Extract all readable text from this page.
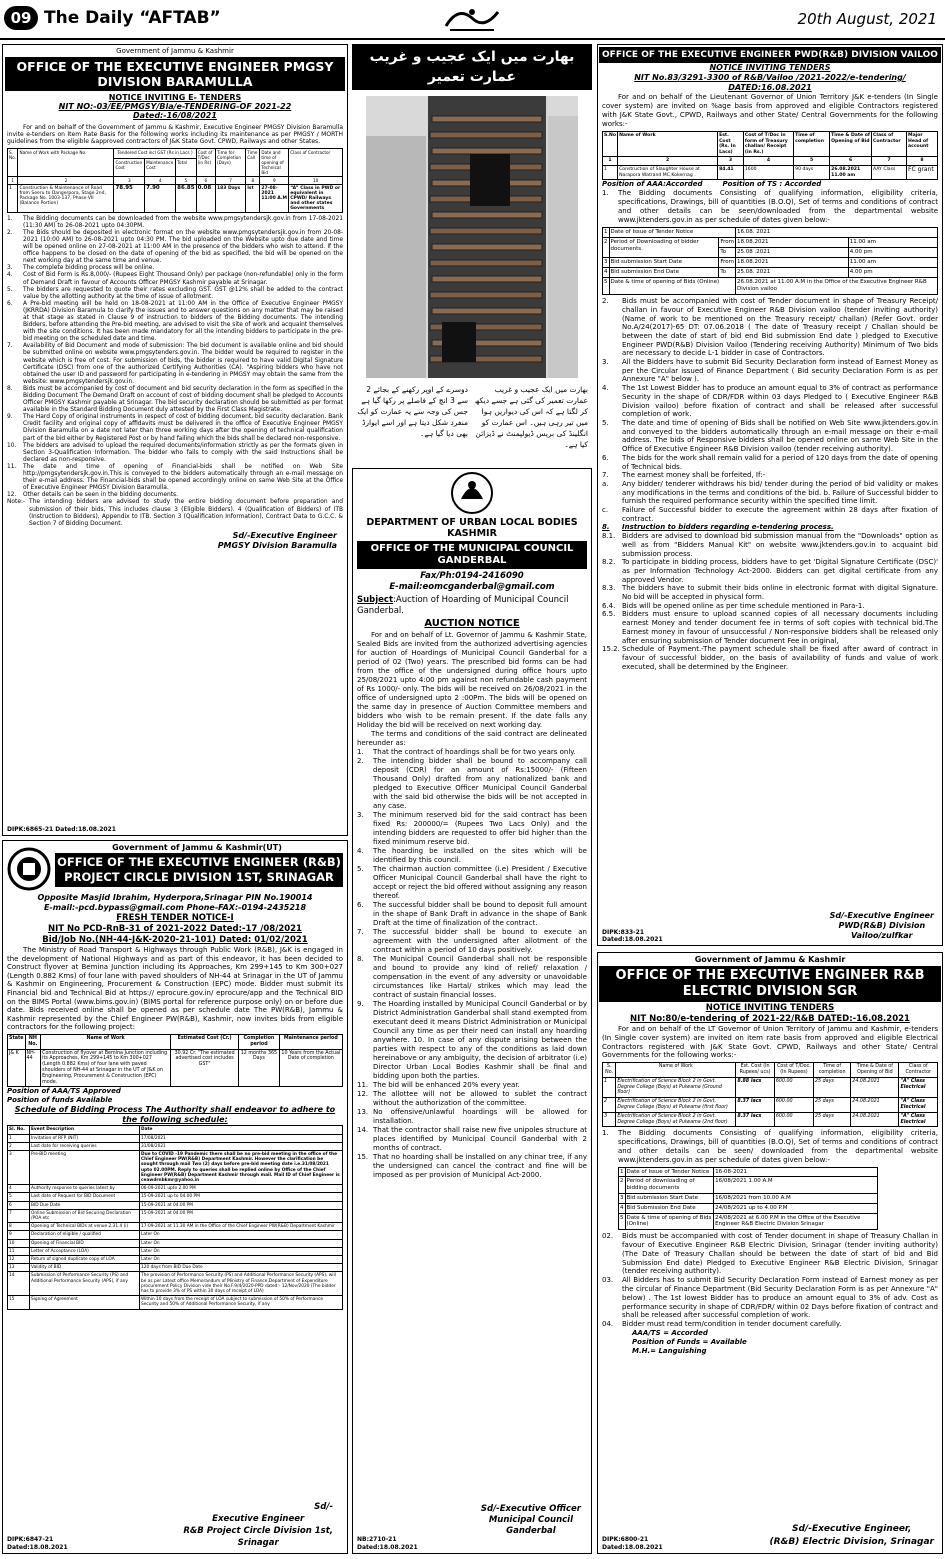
09 The Daily “AFTAB”	20th August, 2021
Government of Jammu & Kashmir
OFFICE OF THE EXECUTIVE ENGINEER PMGSY DIVISION BARAMULLA
NOTICE INVITING E- TENDERS
NIT NO:-03/EE/PMGSY/Bla/e-TENDERING-OF 2021-22
Dated:-16/08/2021
For and on behalf of the Government of Jammu & Kashmir, Executive Engineer PMGSY Division Baramulla invite e-tenders on Item Rate Basis for the following works including its maintenance as per PMGSY / MORTH guidelines from the eligible &approved contractors of J&K State Govt. CPWD, Railways and other States.
S. No.	Name of Work with Package No.	Tendered Cost incl GST (Rs in Lacs )			Cost of T/Doc (in Rs)	Time for Completion (Days)	Time Call	Date and time of opening of Technical Bid	Class of Contractor
		Construction Cost	Maintenance Cost	Total					
1	2	3	4	5	6	7	8	9	10
1	Construction & Maintenance of Road from Seeru to Dangerpora, Stage 2nd, Package No. 1003-137, Phase VII (Balance Portion)	78.95	7.90	86.85	0.08	183 Days	Ist	27-08-2021 11:00 A.M	“A” Class in PWD or equivalent in CPWD/ Railways and other states Governments
1.	The Bidding documents can be downloaded from the website www.pmgsytendersjk.gov.in from 17-08-2021 (11:30 AM) to 26-08-2021 upto 04:30PM.
2.	The Bids should be deposited in electronic format on the website www.pmgsytendersjk.gov.in from 20-08-2021 (10:00 AM) to 26-08-2021 upto 04:30 PM. The bid uploaded on the Website upto due date and time will be opened online on 27-08-2021 at 11:00 AM in the presence of the bidders who wish to attend. If the office happens to be closed on the date of opening of the bid as specified, the bid will be opened on the next working day at the same time and venue.
3.	The complete bidding process will be online.
4.	Cost of Bid Form is Rs.8,000/- (Rupees Eight Thousand Only) per package (non-refundable) only in the form of Demand Draft in favour of Accounts Officer PMGSY Kashmir payable at Srinagar.
5.	The bidders are requested to quote their rates excluding GST. GST @12% shall be added to the contract value by the allotting authority at the time of issue of allotment.
6.	A Pre-bid meeting will be held on 18-08-2021 at 11:00 AM in the Office of Executive Engineer PMGSY (JKRRDA) Division Baramula to clarify the issues and to answer questions on any matter that may be raised at that stage as stated in Clause 9 of instruction to bidders of the Bidding documents. The intending Bidders, before attending the Pre-bid meeting, are advised to visit the site of work and acquaint themselves with the site conditions. It has been made mandatory for all the intending bidders to participate in the pre-bid meeting on the scheduled date and time.
7.	Availability of Bid Document and mode of submission: The bid document is available online and bid should be submitted online on website www.pmgsytenders.gov.in. The bidder would be required to register in the website which is free of cost. For submission of bids, the bidder is required to have valid Digital Signature Certificate (DSC) from one of the authorized Certifying Authorities (CA). "Aspiring bidders who have not obtained the user ID and password for participating in e-tendering in PMGSY may obtain the same from the website: www.pmgsytendersjk.gov.in.
8.	Bids must be accompanied by cost of document and bid security declaration in the form as specified in the Bidding Document The Demand Draft on account of cost of bidding document shall be pledged to Accounts Officer PMGSY Kashmir payable at Srinagar. The bid security declaration should be submitted as per format available in the Standard Bidding Document duly attested by the First Class Magistrate.
9.	The Hard Copy of original instruments in respect of cost of bidding document, bid security declaration. Bank Credit facility and original copy of affidavits must be delivered in the office of Executive Engineer PMGSY Division Baramulla on a date not later than three working days after the opening of technical qualification part of the bid either by Registered Post or by hand failing which the bids shall be declared non-responsive.
10.	The bidders are advised to upload the required documents/information strictly as per the formats given in Section 3-Qualification Information. The bidder who fails to comply with the said Instructions shall be declared as non-responsive.
11.	The date and time of opening of Financial-bids shall be notified on Web Site http://pmgsytendersjk.gov.in.This is conveyed to the bidders automatically through an e-mail message on their e-mail address. The Financial-bids shall be opened accordingly online on same Web Site at the Office of Executive Engineer PMGSY Division Baramulla.
12.	Other details can be seen in the bidding documents.
Note:- The intending bidders are advised to study the entire bidding document before preparation and submission of their bids, This includes clause 3 (Eligible Bidders). 4 (Qualification of Bidders) of ITB (Instruction to Bidders), Appendix to ITB. Section 3 (Qualification Information), Contract Data to G.C.C. & Section 7 of Bidding Document.
Sd/-Executive Engineer
PMGSY Division Baramulla
DIPK:6865-21 Dated:18.08.2021
بھارت میں ایک عجیب و غریب
عمارت تعمیر
بھارت میں ایک عجیب و غریب عمارت تعمیر کی گئی ہے جسے دیکھ کر لگتا ہے کہ اس کی دیواریں ہوا میں تیر رہی ہیں۔ اس عمارت کو انگلینڈ کی بریس ڈیولپمنٹ نے ڈیزائن کیا ہے۔
دوسرے کے اوپر رکھنے کے بجائے 2 سے 3 انچ کے فاصلے پر رکھا گیا ہے جس کی وجہ سے یہ عمارت کو ایک منفرد شکل دیتا ہے اور اسے ایوارڈ بھی دیا گیا ہے۔
DEPARTMENT OF URBAN LOCAL BODIES KASHMIR
OFFICE OF THE MUNICIPAL COUNCIL GANDERBAL
Fax/Ph:0194-2416090
E-mail:eomcganderbal@gmail.com
Subject:Auction of Hoarding of Municipal Council Ganderbal.
AUCTION NOTICE
For and on behalf of Lt. Governor of Jammu & Kashmir State, Sealed Bids are invited from the authorized advertising agencies for auction of Hoardings of Municipal Council Ganderbal for a period of 02 (Two) years. The prescribed bid forms can be had from the office of the undersigned during office hours upto 25/08/2021 upto 4:00 pm against non refundable cash payment of Rs 1000/- only. The bids will be received on 26/08/2021 in the office of undersigned upto 2 :00Pm. The bids will be opened on the same day in presence of Auction Committee members and bidders who wish to be remain present. If the date falls any Holiday the bid will be received on next working day.
The terms and conditions of the said contract are delineated hereunder as:
1.	That the contract of hoardings shall be for two years only.
2.	The intending bidder shall be bound to accompany call deposit (CDR) for an amount of Rs:15000/- (Fifteen Thousand Only) drafted from any nationalized bank and pledged to Executive Officer Municipal Council Ganderbal with the said bid otherwise the bids will be not accepted in any case.
3.	The minimum reserved bid for the said contract has been fixed Rs: 200000/= (Rupees Two Lacs Only) and the intending bidders are requested to offer bid higher than the fixed minimum reserve bid.
4.	The hoarding be installed on the sites which will be identified by this council.
5.	The chairman auction committee (i.e) President / Executive Officer Municipal Council Ganderbal shall have the right to accept or reject the bid offered without assigning any reason thereof.
6.	The successful bidder shall be bound to deposit full amount in the shape of Bank Draft in advance in the shape of Bank Draft at the time of finalization of the contract.
7.	The successful bidder shall be bound to execute an agreement with the undersigned after allotment of the contract within a period of 10 days positively.
8.	The Municipal Council Ganderbal shall not be responsible and bound to provide any kind of relief/ relaxation / compensation in the event of any adversity or unavoidable circumstances like Hartal/ strikes which may lead the contract of sustain financial losses.
9.	The Hoarding installed by Municipal Council Ganderbal or by District Administration Ganderbal shall stand exempted from executant deed it means District Administration or Municipal Council any time as per their need can install any hoarding anywhere. 10. In case of any dispute arising between the parties with respect to any of the conditions as laid down hereinabove or any ambiguity, the decision of arbitrator (i.e) Director Urban Local Bodies Kashmir shall be final and bidding upon both the parties.
11. The bid will be enhanced 20% every year.
12. The allottee will not be allowed to sublet the contract without the authorization of the committee.
13. No offensive/unlawful hoardings will be allowed for installation.
14. That the contractor shall raise new five unipoles structure at places identified by Municipal Council Ganderbal with 2 months of contract.
15. That no hoarding shall be installed on any chinar tree, if any the undersigned can cancel the contract and fine will be imposed as per provision of Municipal Act-2000.
Sd/-Executive Officer
Municipal Council
Ganderbal
NB:2710-21
Dated:18.08.2021
OFFICE OF THE EXECUTIVE ENGINEER PWD(R&B) DIVISION VAILOO
NOTICE INVITING TENDERS
NIT No.83/3291-3300 of R&B/Vailoo /2021-2022/e-tendering/
DATED:16.08.2021
For and on behalf of the Lieutenant Governor of Union Territory J&K e-tenders (In Single cover system) are invited on %age basis from approved and eligible Contractors registered with J&K State Govt., CPWD, Railways and other State/ Central Governments for the following works:-
S.No	Name of Work	Est. Cost (Rs. In Lacs)	Cost of T/Doc in form of Treasury challan/ Receipt (in Rs.)	Time of completion	Time & Date of Opening of Bid	Class of Contractor	Major Head of account
1	2	3	4	5	6	7	8
1	Construction of Slaughter House at Narapora Watrand MC Kokernag .	84.41	1600	90 days	26.08.2021 11.00 am	AAY Class	FC grant
Position of AAA:Accorded	Position of TS : Accorded
1.	The Bidding documents Consisting of qualifying information, eligibility criteria, specifications, Drawings, bill of quantities (B.O.Q), Set of terms and conditions of contract and other details can be seen/downloaded from the departmental website www.jktenders.gov.in as per schedule of dates given below:-
1	Date of Issue of Tender Notice		16.08. 2021	
2	Period of Downloading of bidder documents.	From	18.08.2021	11.00 am
		To	25.08 .2021	4.00 pm
3	Bid submission Start Date	From	18.08.2021	11.00 am
4	Bid submission End Date	To	25.08. 2021	4.00 pm
5	Date & time of opening of Bids (Online)		26.08.2021 at 11.00 A.M in the Office of the Executive Engineer R&B Division vailoo	
2.	Bids must be accompanied with cost of Tender document in shape of Treasury Receipt/ challan in favour of Executive Engineer R&B Division vailoo (tender inviting authority) (Name of work to be mentioned on the Treasury receipt/ challan) (Refer Govt. order No.A/24(2017)-65 DT: 07.06.2018 ( The date of Treasury receipt / Challan should be between the date of start of bid end Bid submission End date ) pledged to Executive Engineer PWD(R&B) Division Vailoo (Tendering receiving Authority) Minimum of Two bids are necessary to decide L-1 bidder in case of Contractors.
3.	All the Bidders have to submit Bid Security Declaration form instead of Earnest Money as per the Circular issued of Finance Department ( Bid security Declaration Form is as per Annexure "A" below ).
4.	The 1st Lowest Bidder has to produce an amount equal to 3% of contract as performance Security in the shape of CDR/FDR within 03 days Pledged to ( Executive Engineer R&B Division vailoo) before fixation of contract and shall be released after successful completion of work.
5.	The date and time of opening of Bids shall be notified on Web Site www.jktenders.gov.in and conveyed to the bidders automatically through an e-mail message on their e-mail address. The bids of Responsive bidders shall be opened online on same Web Site in the Office of Executive Engineer R&B Division vailoo (tender receiving authority).
6.	The bids for the work shall remain valid for a period of 120 days from the date of opening of Technical bids.
7.	The earnest money shall be forfeited, If:-
a.	Any bidder/ tenderer withdraws his bid/ tender during the period of bid validity or makes any modifications in the terms and conditions of the bid. b. Failure of Successful bidder to furnish the required performance security within the specified time limit.
c.	Failure of Successful bidder to execute the agreement within 28 days after fixation of contract.
8.	Instruction to bidders regarding e-tendering process.
8.1. Bidders are advised to download bid submission manual from the "Downloads" option as well as from "Bidders Manual Kit" on website www.jktenders.gov.in to acquaint bid submission process.
8.2. To participate in bidding process, bidders have to get 'Digital Signature Certificate (DSC)' as per Information Technology Act-2000. Bidders can get digital certificate from any approved Vendor.
8.3. The bidders have to submit their bids online in electronic format with digital Signature. No bid will be accepted in physical form.
6.4. Bids will be opened online as per time schedule mentioned in Para-1.
6.5. Bidders must ensure to upload scanned copies of all necessary documents including earnest Money and tender document fee in terms of soft copies with technical bid.The Earnest money in favour of unsuccessful / Non-responsive bidders shall be released only after ensuring submission of Tender document Fee in original,
15.2. Schedule of Payment.-The payment schedule shall be fixed after award of contract in favour of successful bidder, on the basis of availability of funds and value of work executed, shall be determined by the Engineer.
Sd/-Executive Engineer
PWD(R&B) Division
Vailoo/zulfkar
DIPK:833-21
Dated:18.08.2021
Government of Jammu & Kashmir(UT)
OFFICE OF THE EXECUTIVE ENGINEER (R&B) PROJECT CIRCLE DIVISION 1ST, SRINAGAR
Opposite Masjid Ibrahim, Hyderpora,Srinagar PIN No.190014
E-mail:-pcd.bypass@gmail.com Phone-FAX:-0194-2435218
FRESH TENDER NOTICE-I
NIT No PCD-RnB-31 of 2021-2022 Dated:-17 /08/2021
Bid/Job No.(NH-44-J&K-2020-21-101) Dated: 01/02/2021
The Ministry of Road Transport & Highways through Public Work (R&B), J&K is engaged in the development of National Highways and as part of this endeavor, it has been decided to Construct flyover at Bemina Junction including its Approaches, Km 299+145 to Km 300+027 (Length 0.882 Kms) of four lane with paved shoulders of NH-44 at Srinagar in the UT of Jammu & Kashmir on Engineering, Procurement & Construction (EPC) mode. Bidder must submit its Financial bid and Technical Bid at https:// eprocure.gov.in/ eprocure/app and the Technical BID on the BIMS Portal (www.bims.gov.in) (BIMS portal for reference purpose only) on or before due date. Bids received online shall be opened as per schedule date The PW(R&B), Jammu & Kashmir represented by the Chief Engineer PW(R&B), Kashmir, now invites bids from eligible contractors for the following project:
State	NH No.	Name of Work	Estimated Cost (Cr.)	Completion period	Maintenance period
J& K	NH-44	Construction of flyover at Bemina Junction including its Approaches, Km 299+145 to Km 300+027 (Length 0.882 Kms) of four lane with paved shoulders of NH-44 at Srinagar in the UT of J&K on Engineering, Procurement & Construction (EPC) mode.	30.92 Cr. "The estimated advertised cost includes GST"	12 months 365 Days	10 Years from the Actual Date of completion
Position of AAA/TS Approved
Position of funds Available
Schedule of Bidding Process The Authority shall endeavor to adhere to the following schedule:
Sl. No.	Event Description	Date
1	Invitation of RFP (NIT)	17/08/2021
2	Last date for receiving queries	31/08/2021
3	Pre-BID meeting	Due to COVID -19 Pandemic there shall be no pre-bid meeting in the office of the Chief Engineer PW(R&B) Department Kashmir. However the clarification be sought through mail Two (2) days before pre-bid meeting date i.e.31/08/2021 upto 02.00PM. Reply to queries shall be replied online by Office of the Chief Engineer PW(R&B) Department Kashmir through mail. Mail ID of Chief Engineer is ceawdrnbkmr@yahoo.in
4	Authority response to queries latest by	06-09-2021 upto 2.00 PM
5	Last date of Request for BID Document	15-09-2021 up to 04.00 PM
6	BID Due Date	15-09-2021 at 04.00 PM
7	Online Submission of Bid Securing Declaration /POA etc	15-09-2021 at 04.00 PM
8	Opening of Technical BIDs at venue 2.31.4 (i)	17-09-2021 at 11.30 AM in the Office of the Chief Engineer PW(R&B) Department Kashmir
9	Declaration of eligible / qualified	Later On
10	Opening of Financial BID	Later On
11	Letter of Acceptance (LOA)	Later On
12	Return of signed duplicate copy of LOA	Later On
13	Validity of BID	120 days from BID Due Date
14	Submission of Performance Security (PS) and Additional Performance Security (APS), if any	The provision of Performance Security (PS) and Additional Performance Security (APS), will be as per Latest office Memorandum of Ministry of Finance,Department of Expenditure procurement Policy Division vide their No.F.9/4/2020-PPD dated:- 12/Nov/2020 (The bidder has to provide 3% of PS within 30 days of receipt of LOA)
15	Signing of Agreement	Within 10 days from the receipt of LOA subject to submission of 50% of Performance Security and 50% of Additional Performance Security, if any
Sd/-
Executive Engineer
R&B Project Circle Division 1st,
Srinagar
DIPK:6847-21
Dated:18.08.2021
Government of Jammu & Kashmir
OFFICE OF THE EXECUTIVE ENGINEER R&B ELECTRIC DIVISION SGR
NOTICE INVITING TENDERS
NIT No:80/e-tendering of 2021-22/R&B DATED:-16.08.2021
For and on behalf of the LT Governor of Union Territory of Jammu and Kashmir, e-tenders (In Single cover system) are invited on item rate basis from approved and eligible Electrical Contractors registered with J&K State Govt. CPWD, Railways and other State/ Central Governments for the following works:-
S. No.	Name of Work	Est. Cost (In Rupees/ ucs)	Cost of T/Doc. (In Rupees)	Time of completion	Time & Date of Opening of Bid	Class of Contractor
1	Electrification of Science Block 2 in Govt. Degree College (Boys) at Pulwama (Ground floor)	8.88 lacs	600.00	25 days	24.08.2021	"A" Class Electrical
2	Electrification of Science Block 2 in Govt. Degree College (Boys) at Pulwama (first floor)	8.37 lacs	600.00	25 days	24.08.2021	"A" Class Electrical
3	Electrification of Science Block 2 in Govt. Degree College (Boys) at Pulwama (2nd floor)	8.37 lacs	600.00	25 days	24.08.2021	"A" Class Electrical
1.	The Bidding documents Consisting of qualifying information, eligibility criteria, specifications, Drawings, bill of quantities (B.O.Q), Set of terms and conditions of contract and other details can be seen/ downloaded from the departmental website www.jktenders.gov.in as per schedule of dates given below:-
1	Date of Issue of Tender Notice	16-08-2021
2	Period of downloading of bidding documents	16/08/2021 1.00 A.M
3	Bid submission Start Date	16/08/2021 from 10.00 A.M
4	Bid Submission End Date	24/08/2021 up to 4.00 P.M
5	Date & time of opening of Bids (Online)	24/08/2021 at 6.00 P.M in the Office of the Executive Engineer R&B Electric Division Srinagar
02.	Bids must be accompanied with cost of Tender document in shape of Treasury Challan in favour of Executive Engineer R&B Electric Division, Srinagar (tender inviting authority) (The Date of Treasury Challan should be between the date of start of bid and Bid Submission End date) Pledged to Executive Engineer R&B Electric Division, Srinagar (tender receiving authority).
03.	All Bidders has to submit Bid Security Declaration Form instead of Earnest money as per the circular of Finance Department (Bid Security Declaration Form is as per Annexure "A" below) . The 1st lowest Bidder has to produce an amount equal to 3% of adv. Cost as performance security in shape of CDR/FDR/ within 02 Days before fixation of contract and shall be released after successful completion of work.
04.	Bidder must read term/condition in tender document carefully.
AAA/TS = Accorded
Position of Funds = Available
M.H.= Languishing
Sd/-Executive Engineer,
(R&B) Electric Division, Srinagar
DIPK:6800-21
Dated:18.08.2021
